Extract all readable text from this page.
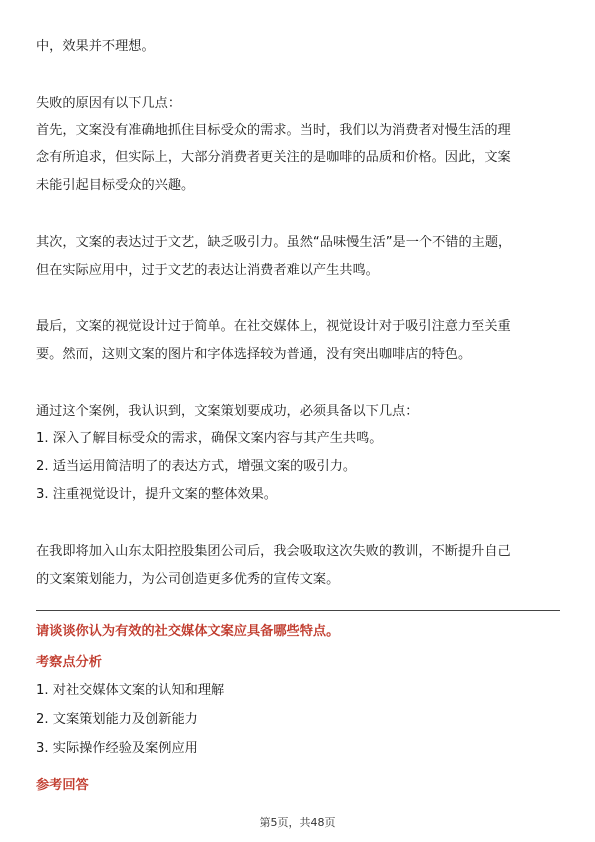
中，效果并不理想。
失败的原因有以下几点：
首先，文案没有准确地抓住目标受众的需求。当时，我们以为消费者对慢生活的理
念有所追求，但实际上，大部分消费者更关注的是咖啡的品质和价格。因此，文案
未能引起目标受众的兴趣。
其次，文案的表达过于文艺，缺乏吸引力。虽然“品味慢生活”是一个不错的主题，
但在实际应用中，过于文艺的表达让消费者难以产生共鸣。
最后，文案的视觉设计过于简单。在社交媒体上，视觉设计对于吸引注意力至关重
要。然而，这则文案的图片和字体选择较为普通，没有突出咖啡店的特色。
通过这个案例，我认识到，文案策划要成功，必须具备以下几点：
1. 深入了解目标受众的需求，确保文案内容与其产生共鸣。
2. 适当运用简洁明了的表达方式，增强文案的吸引力。
3. 注重视觉设计，提升文案的整体效果。
在我即将加入山东太阳控股集团公司后，我会吸取这次失败的教训，不断提升自己
的文案策划能力，为公司创造更多优秀的宣传文案。
请谈谈你认为有效的社交媒体文案应具备哪些特点。
考察点分析
1. 对社交媒体文案的认知和理解
2. 文案策划能力及创新能力
3. 实际操作经验及案例应用
参考回答
第5页，共48页
